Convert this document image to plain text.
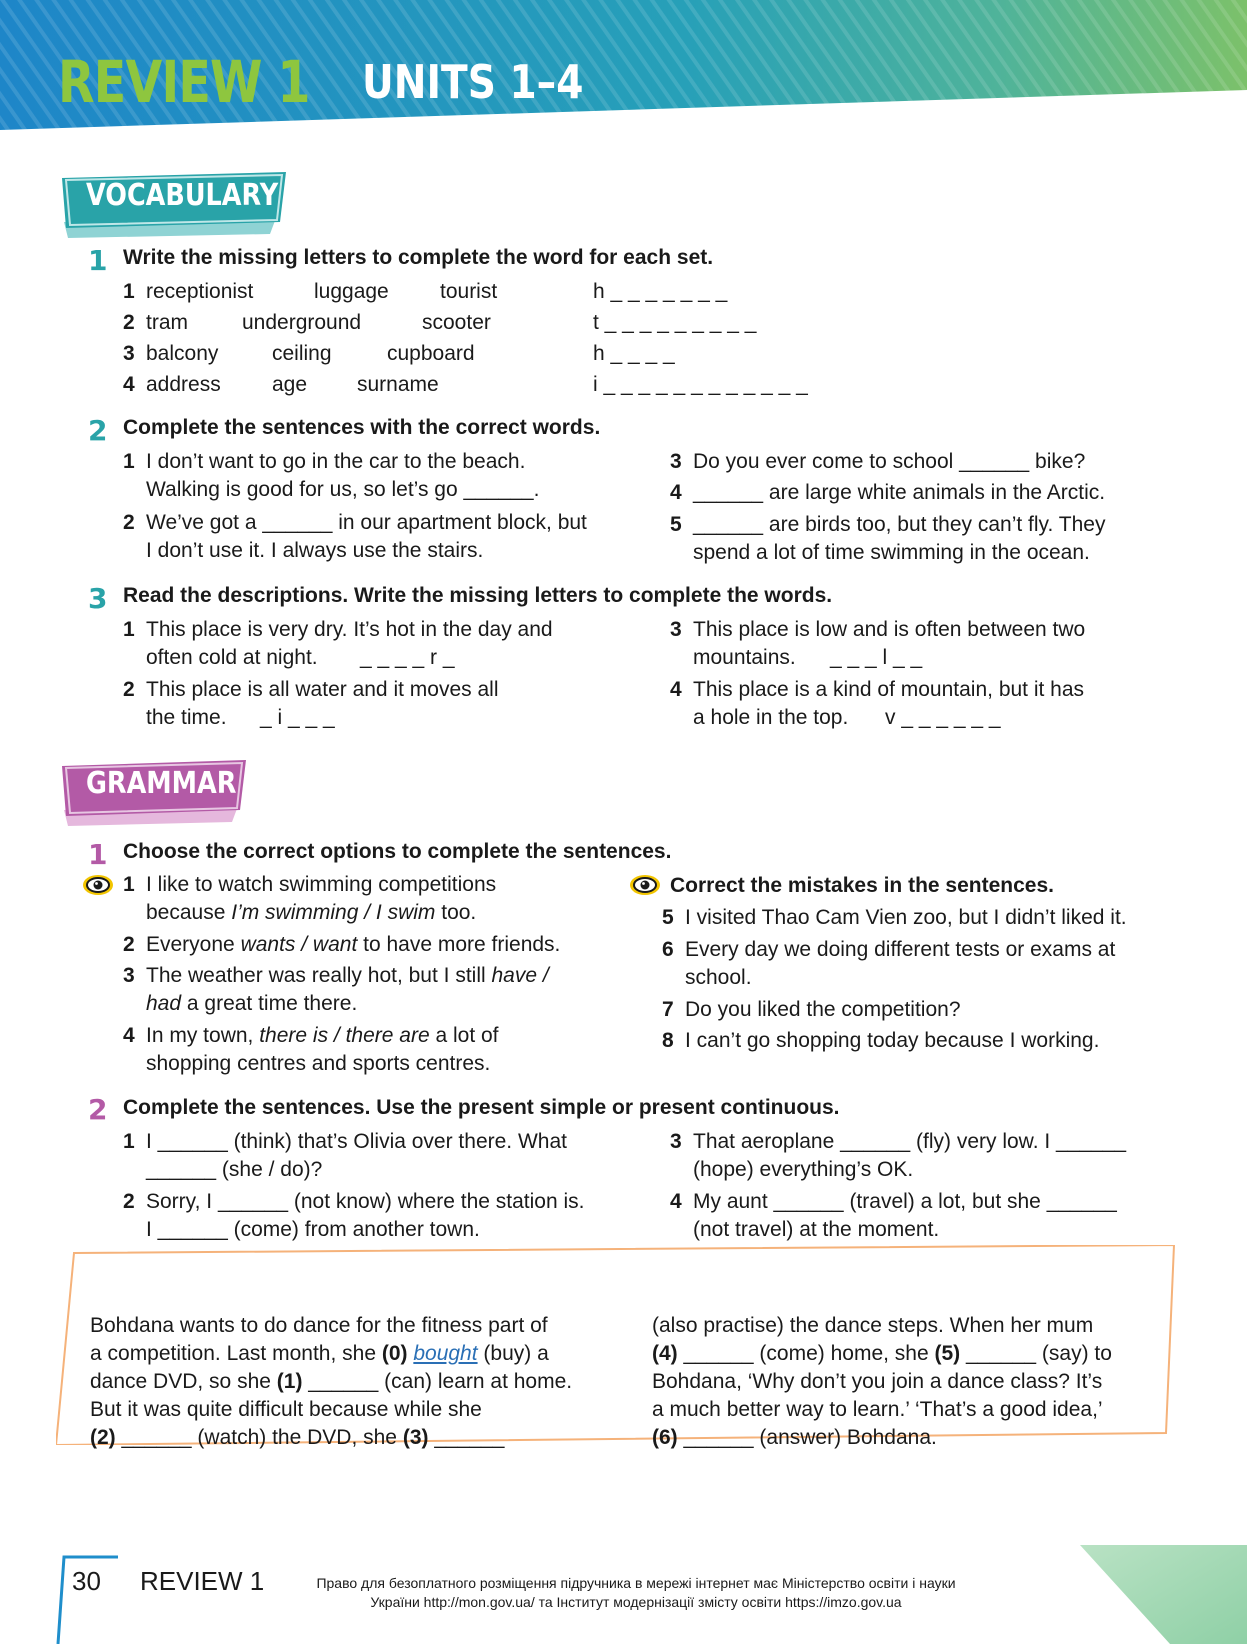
REVIEW 1 UNITS 1–4
VOCABULARY
1 Write the missing letters to complete the word for each set.
1 receptionist	luggage tourist	h _ _ _ _ _ _ _
2 tram	underground	scooter	t _ _ _ _ _ _ _ _ _
3 balcony	ceiling	cupboard	h _ _ _ _
4 address age surname	i _ _ _ _ _ _ _ _ _ _ _ _
2 Complete the sentences with the correct words.
1 I don’t want to go in the car to the beach.
Walking is good for us, so let’s go ______.
2 We’ve got a ______ in our apartment block, but
I don’t use it. I always use the stairs.
3 Do you ever come to school ______ bike?
4 ______ are large white animals in the Arctic.
5 ______ are birds too, but they can’t fly. They
spend a lot of time swimming in the ocean.
3 Read the descriptions. Write the missing letters to complete the words.
1 This place is very dry. It’s hot in the day and
often cold at night. _ _ _ _ r _
2 This place is all water and it moves all
the time. _ i _ _ _
3 This place is low and is often between two
mountains. _ _ _ l _ _
4 This place is a kind of mountain, but it has
a hole in the top. v _ _ _ _ _ _
GRAMMAR
1 Choose the correct options to complete the sentences.
1 I like to watch swimming competitions
because I’m swimming / I swim too.
2 Everyone wants / want to have more friends.
3 The weather was really hot, but I still have /
had a great time there.
4 In my town, there is / there are a lot of
shopping centres and sports centres.
Correct the mistakes in the sentences.
5 I visited Thao Cam Vien zoo, but I didn’t liked it.
6 Every day we doing different tests or exams at
school.
7 Do you liked the competition?
8 I can’t go shopping today because I working.
2 Complete the sentences. Use the present simple or present continuous.
1 I ______ (think) that’s Olivia over there. What
______ (she / do)?
2 Sorry, I ______ (not know) where the station is.
I ______ (come) from another town.
3 That aeroplane ______ (fly) very low. I ______
(hope) everything’s OK.
4 My aunt ______ (travel) a lot, but she ______
(not travel) at the moment.
Bohdana wants to do dance for the fitness part of
a competition. Last month, she (0) bought (buy) a
dance DVD, so she (1) ______ (can) learn at home.
But it was quite difficult because while she
(2) ______ (watch) the DVD, she (3) ______
(also practise) the dance steps. When her mum
(4) ______ (come) home, she (5) ______ (say) to
Bohdana, ‘Why don’t you join a dance class? It’s
a much better way to learn.’ ‘That’s a good idea,’
(6) ______ (answer) Bohdana.
30 REVIEW 1	Право для безоплатного розміщення підручника в мережі інтернет має Міністерство освіти і науки
України http://mon.gov.ua/ та Інститут модернізації змісту освіти https://imzo.gov.ua
